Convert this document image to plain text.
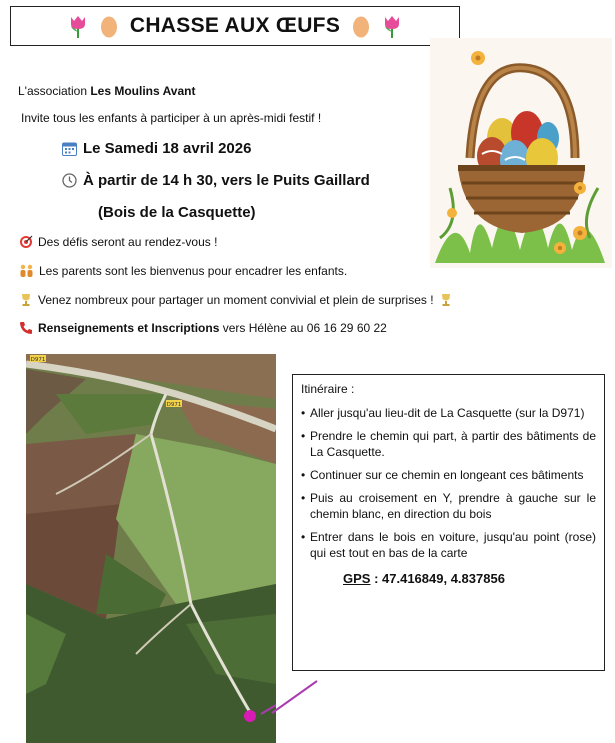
CHASSE AUX ŒUFS
L'association Les Moulins Avant
Invite tous les enfants à participer à un après-midi festif !
Le Samedi 18 avril 2026
À partir de 14 h 30, vers le Puits Gaillard
(Bois de la Casquette)
Des défis seront au rendez-vous !
Les parents sont les bienvenus pour encadrer les enfants.
Venez nombreux pour partager un moment convivial et plein de surprises !
Renseignements et Inscriptions vers Hélène au 06 16 29 60 22
D971
D971
Itinéraire :
• Aller jusqu'au lieu-dit de La Casquette (sur la D971)
• Prendre le chemin qui part, à partir des bâtiments de La Casquette.
• Continuer sur ce chemin en longeant ces bâtiments
• Puis au croisement en Y, prendre à gauche sur le chemin blanc, en direction du bois
• Entrer dans le bois en voiture, jusqu'au point (rose) qui est tout en bas de la carte
GPS : 47.416849, 4.837856
